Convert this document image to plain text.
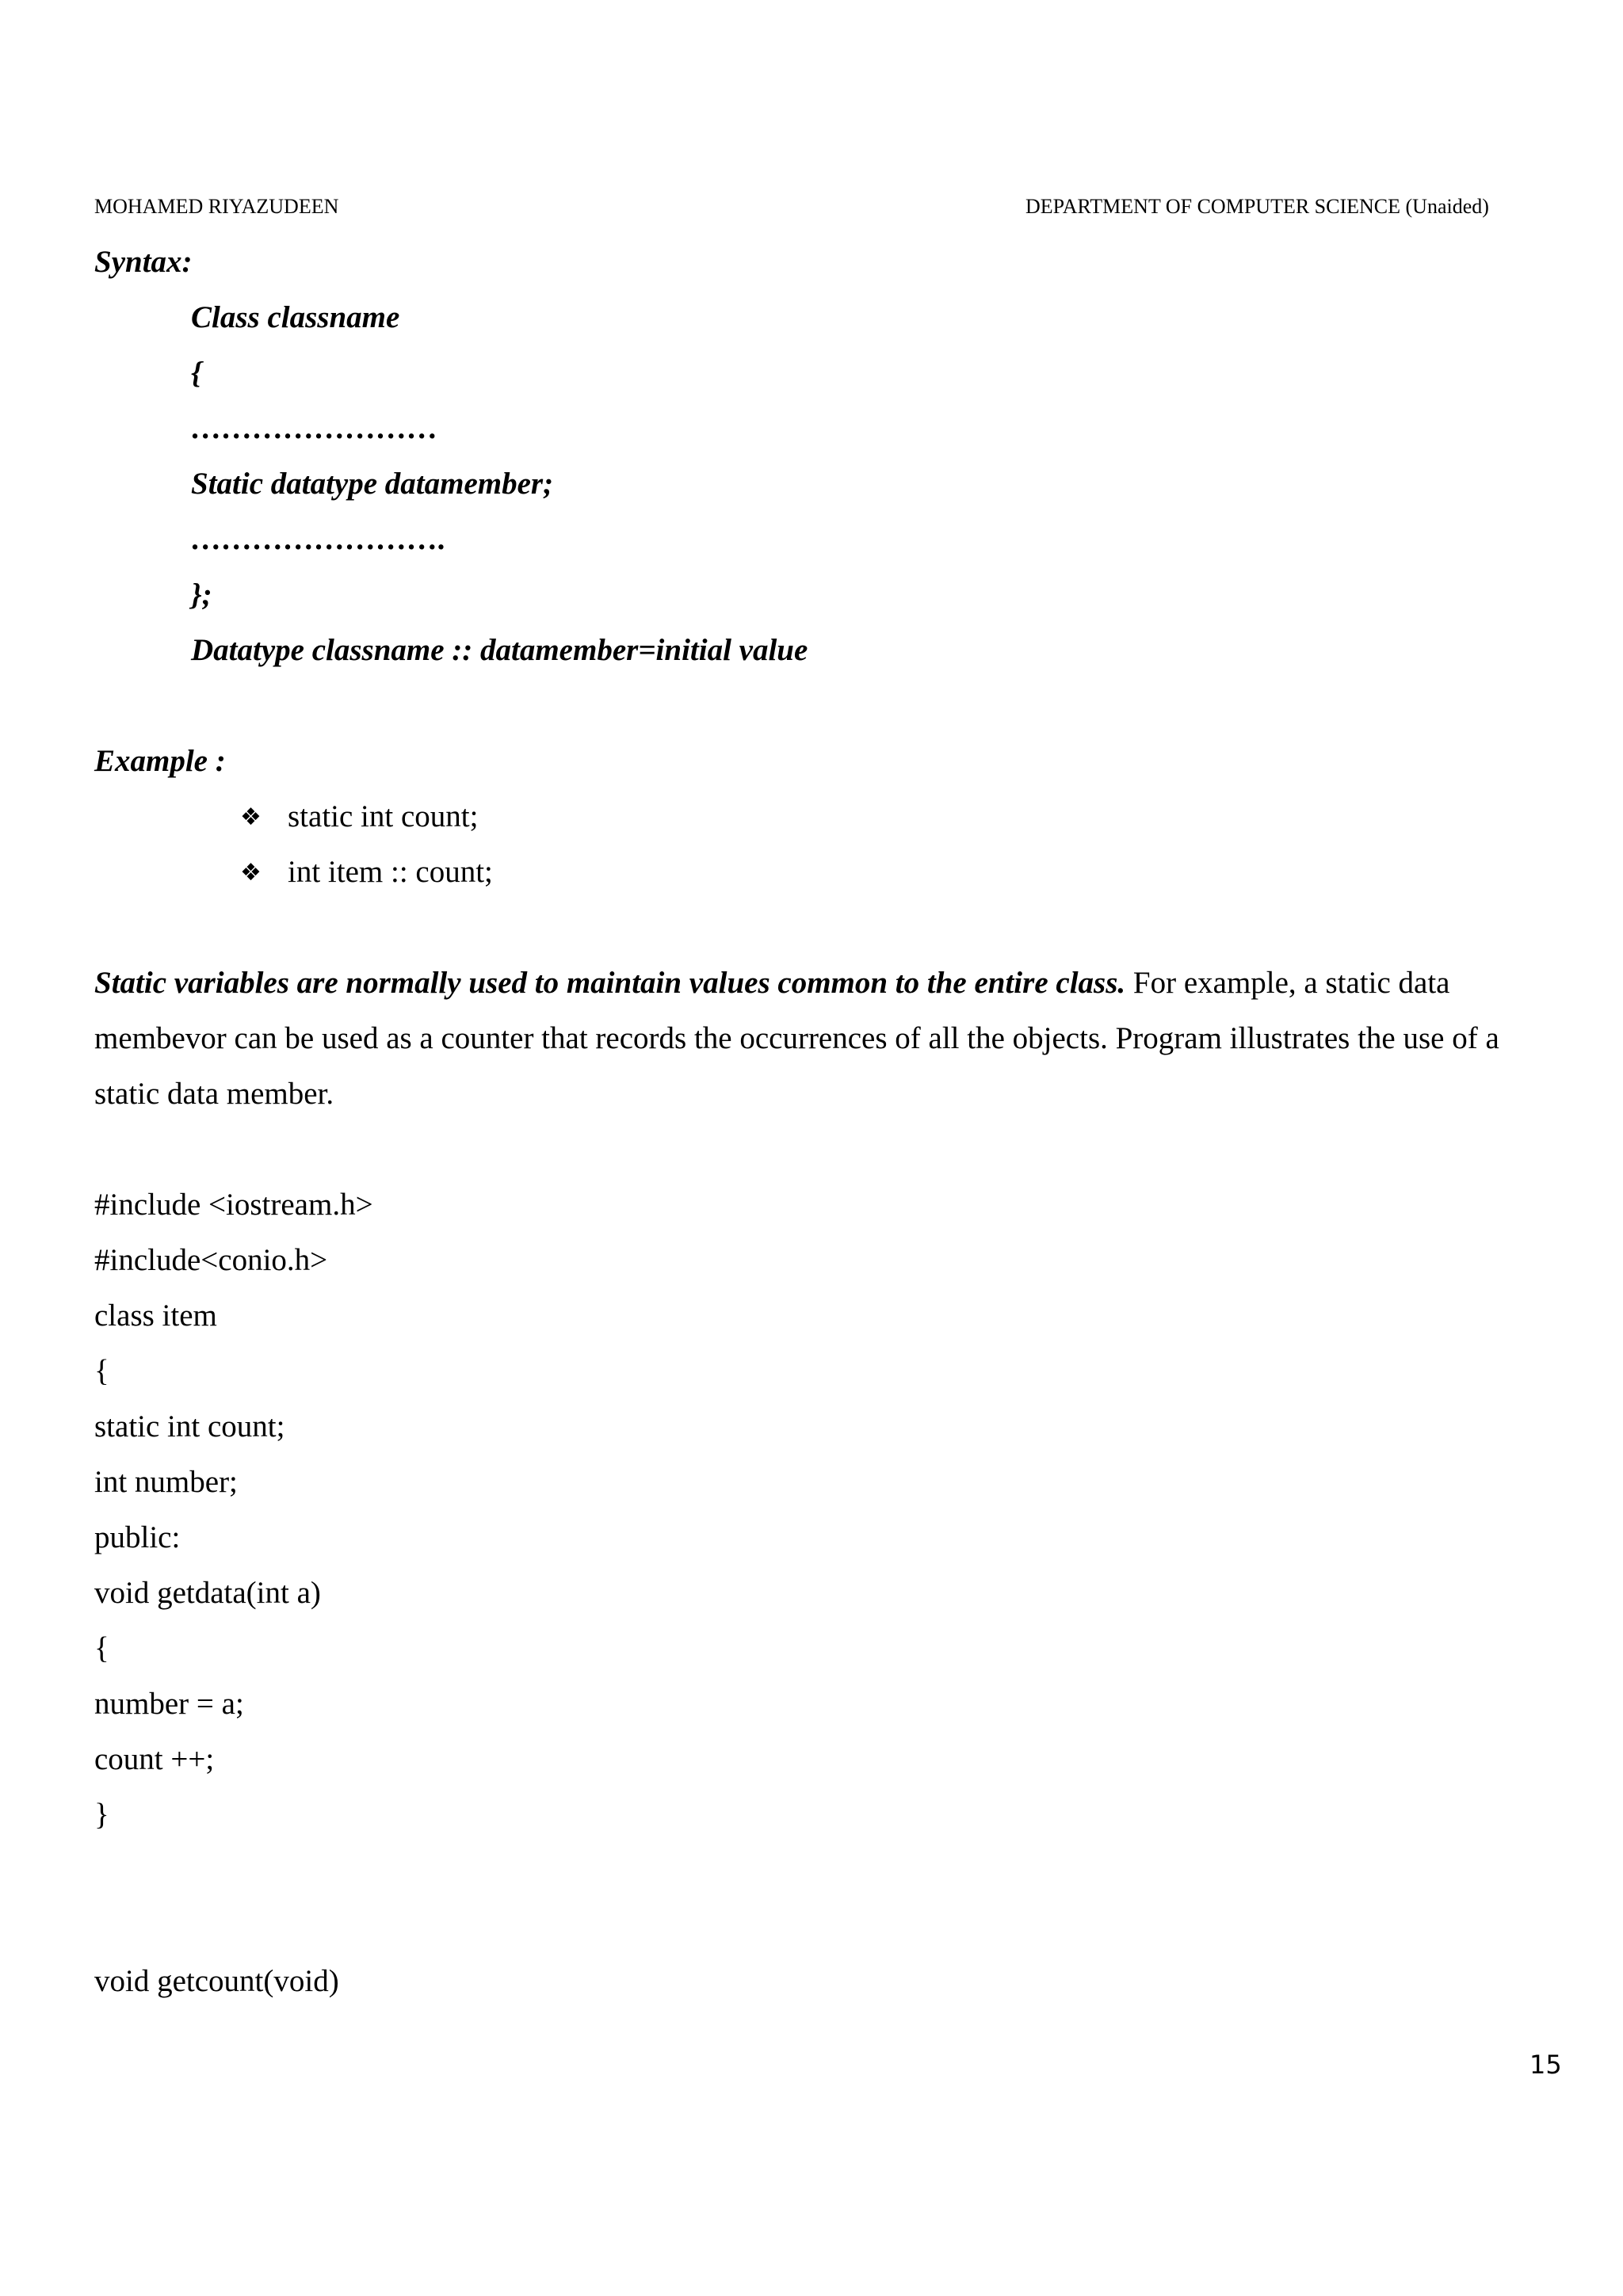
MOHAMED RIYAZUDEEN	DEPARTMENT OF COMPUTER SCIENCE (Unaided)
Syntax:
Class classname
{
……………………
Static datatype datamember;
…………………….
};
Datatype classname :: datamember=initial value
Example :
❖ static int count;
❖ int item :: count;
Static variables are normally used to maintain values common to the entire class. For example, a static data
membevor can be used as a counter that records the occurrences of all the objects. Program illustrates the use of a
static data member.
#include <iostream.h>
#include<conio.h>
class item
{
static int count;
int number;
public:
void getdata(int a)
{
number = a;
count ++;
}
void getcount(void)
15
